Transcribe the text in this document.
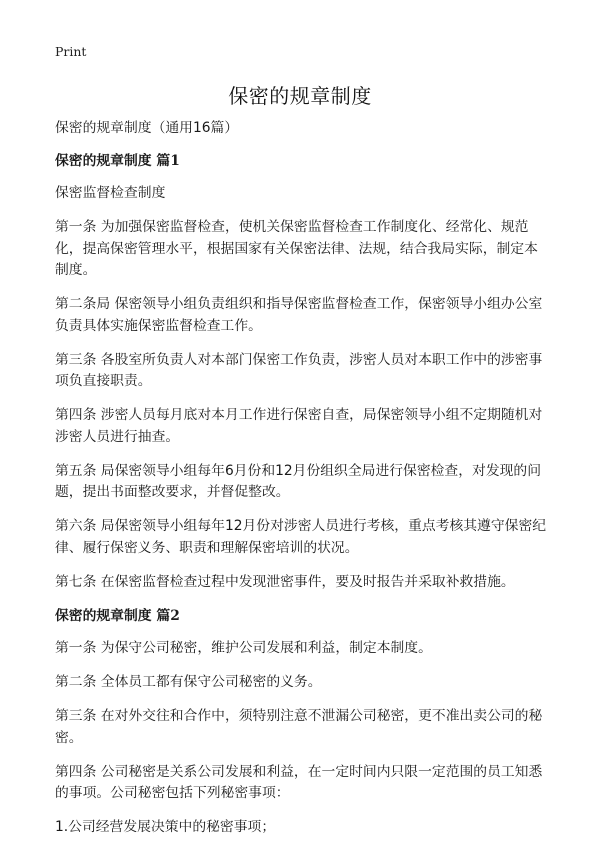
Print
保密的规章制度

保密的规章制度（通用16篇）

保密的规章制度 篇1

保密监督检查制度

第一条 为加强保密监督检查，使机关保密监督检查工作制度化、经常化、规范化，提高保密管理水平，根据国家有关保密法律、法规，结合我局实际，制定本制度。

第二条局 保密领导小组负责组织和指导保密监督检查工作，保密领导小组办公室负责具体实施保密监督检查工作。

第三条 各股室所负责人对本部门保密工作负责，涉密人员对本职工作中的涉密事项负直接职责。

第四条 涉密人员每月底对本月工作进行保密自查，局保密领导小组不定期随机对涉密人员进行抽查。

第五条 局保密领导小组每年6月份和12月份组织全局进行保密检查，对发现的问题，提出书面整改要求，并督促整改。

第六条 局保密领导小组每年12月份对涉密人员进行考核，重点考核其遵守保密纪律、履行保密义务、职责和理解保密培训的状况。

第七条 在保密监督检查过程中发现泄密事件，要及时报告并采取补救措施。

保密的规章制度 篇2

第一条 为保守公司秘密，维护公司发展和利益，制定本制度。

第二条 全体员工都有保守公司秘密的义务。

第三条 在对外交往和合作中，须特别注意不泄漏公司秘密，更不准出卖公司的秘密。

第四条 公司秘密是关系公司发展和利益，在一定时间内只限一定范围的员工知悉的事项。公司秘密包括下列秘密事项：

1.公司经营发展决策中的秘密事项；
